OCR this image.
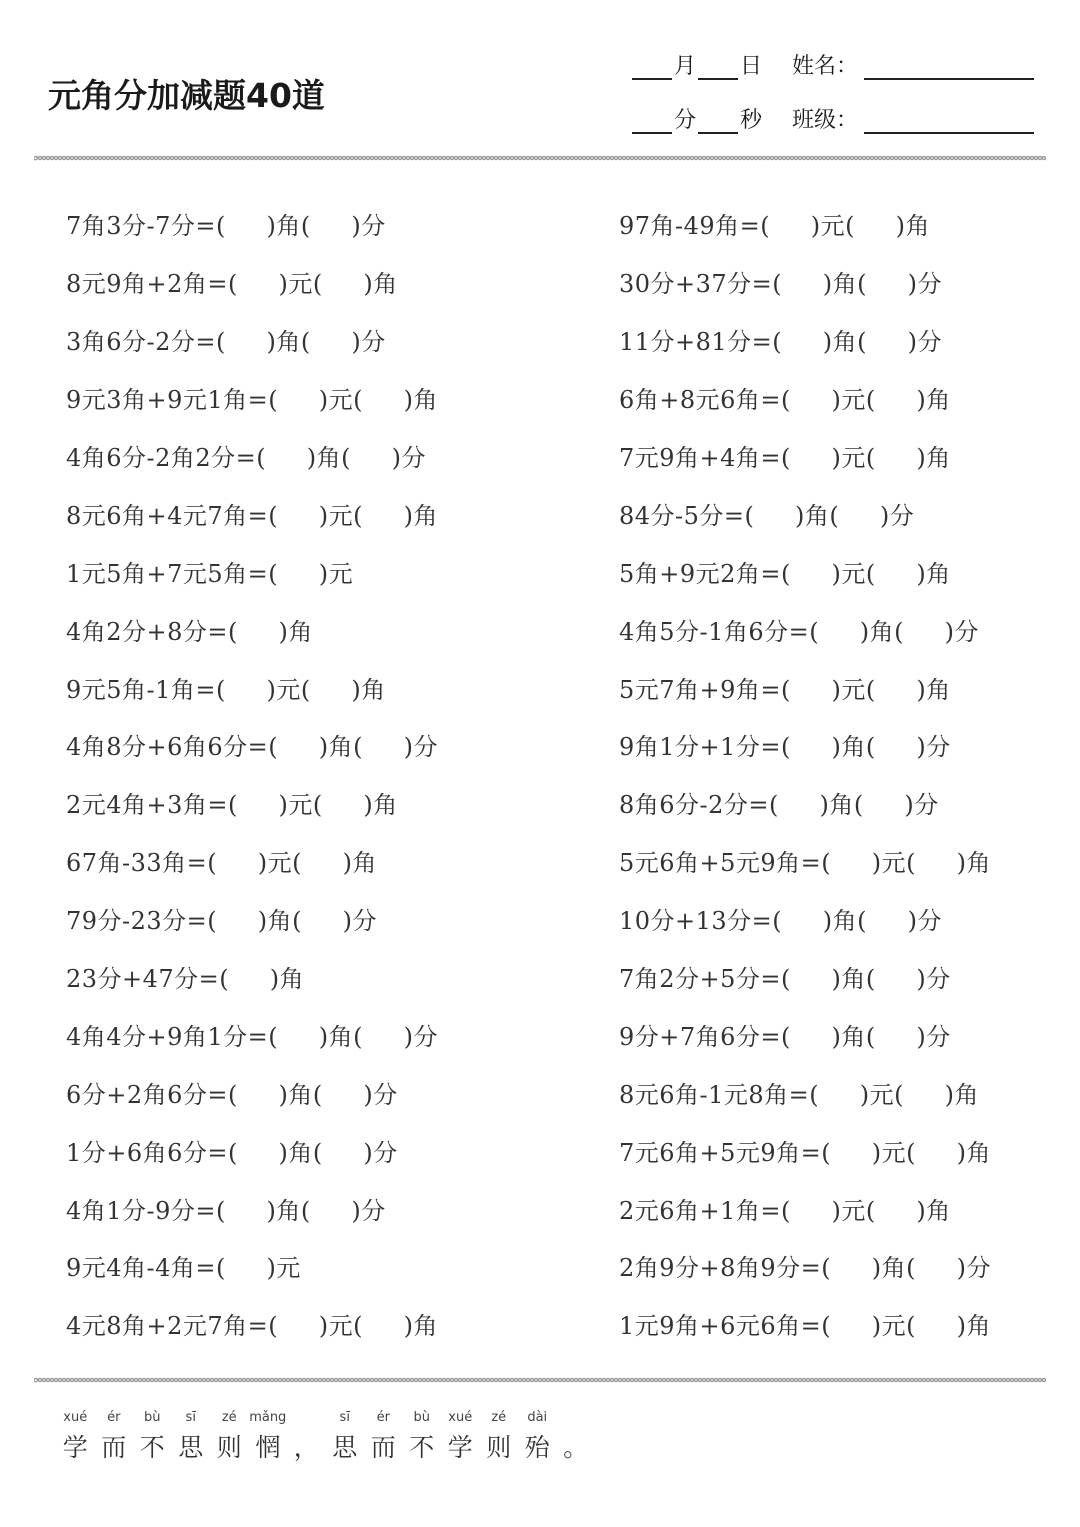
元角分加减题40道
月 日 姓名：
分 秒 班级：
7角3分-7分=(     )角(     )分
8元9角+2角=(     )元(     )角
3角6分-2分=(     )角(     )分
9元3角+9元1角=(     )元(     )角
4角6分-2角2分=(     )角(     )分
8元6角+4元7角=(     )元(     )角
1元5角+7元5角=(     )元
4角2分+8分=(     )角
9元5角-1角=(     )元(     )角
4角8分+6角6分=(     )角(     )分
2元4角+3角=(     )元(     )角
67角-33角=(     )元(     )角
79分-23分=(     )角(     )分
23分+47分=(     )角
4角4分+9角1分=(     )角(     )分
6分+2角6分=(     )角(     )分
1分+6角6分=(     )角(     )分
4角1分-9分=(     )角(     )分
9元4角-4角=(     )元
4元8角+2元7角=(     )元(     )角
97角-49角=(     )元(     )角
30分+37分=(     )角(     )分
11分+81分=(     )角(     )分
6角+8元6角=(     )元(     )角
7元9角+4角=(     )元(     )角
84分-5分=(     )角(     )分
5角+9元2角=(     )元(     )角
4角5分-1角6分=(     )角(     )分
5元7角+9角=(     )元(     )角
9角1分+1分=(     )角(     )分
8角6分-2分=(     )角(     )分
5元6角+5元9角=(     )元(     )角
10分+13分=(     )角(     )分
7角2分+5分=(     )角(     )分
9分+7角6分=(     )角(     )分
8元6角-1元8角=(     )元(     )角
7元6角+5元9角=(     )元(     )角
2元6角+1角=(     )元(     )角
2角9分+8角9分=(     )角(     )分
1元9角+6元6角=(     )元(     )角
xué
学
ér
而
bù
不
sī
思
zé
则
mǎng
惘 ，
sī
思
ér
而
bù
不
xué
学
zé
则
dài
殆 。
